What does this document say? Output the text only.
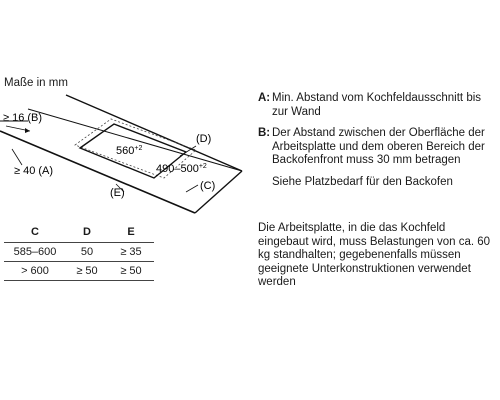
Maße in mm
≥ 16 (B)
≥ 40 (A)
(D)
(E)
(C)
$560^{+2}$
$490-500^{+2}$
C	D	E
585–600	50	≥ 35
> 600	≥ 50	≥ 50
A: Min. Abstand vom Kochfeldausschnitt bis zur Wand
B: Der Abstand zwischen der Oberfläche der Arbeitsplatte und dem oberen Bereich der Backofenfront muss 30 mm betragen
Siehe Platzbedarf für den Backofen
Die Arbeitsplatte, in die das Kochfeld eingebaut wird, muss Belastungen von ca. 60 kg standhalten; gegebenenfalls müssen geeignete Unterkonstruktionen verwendet werden
